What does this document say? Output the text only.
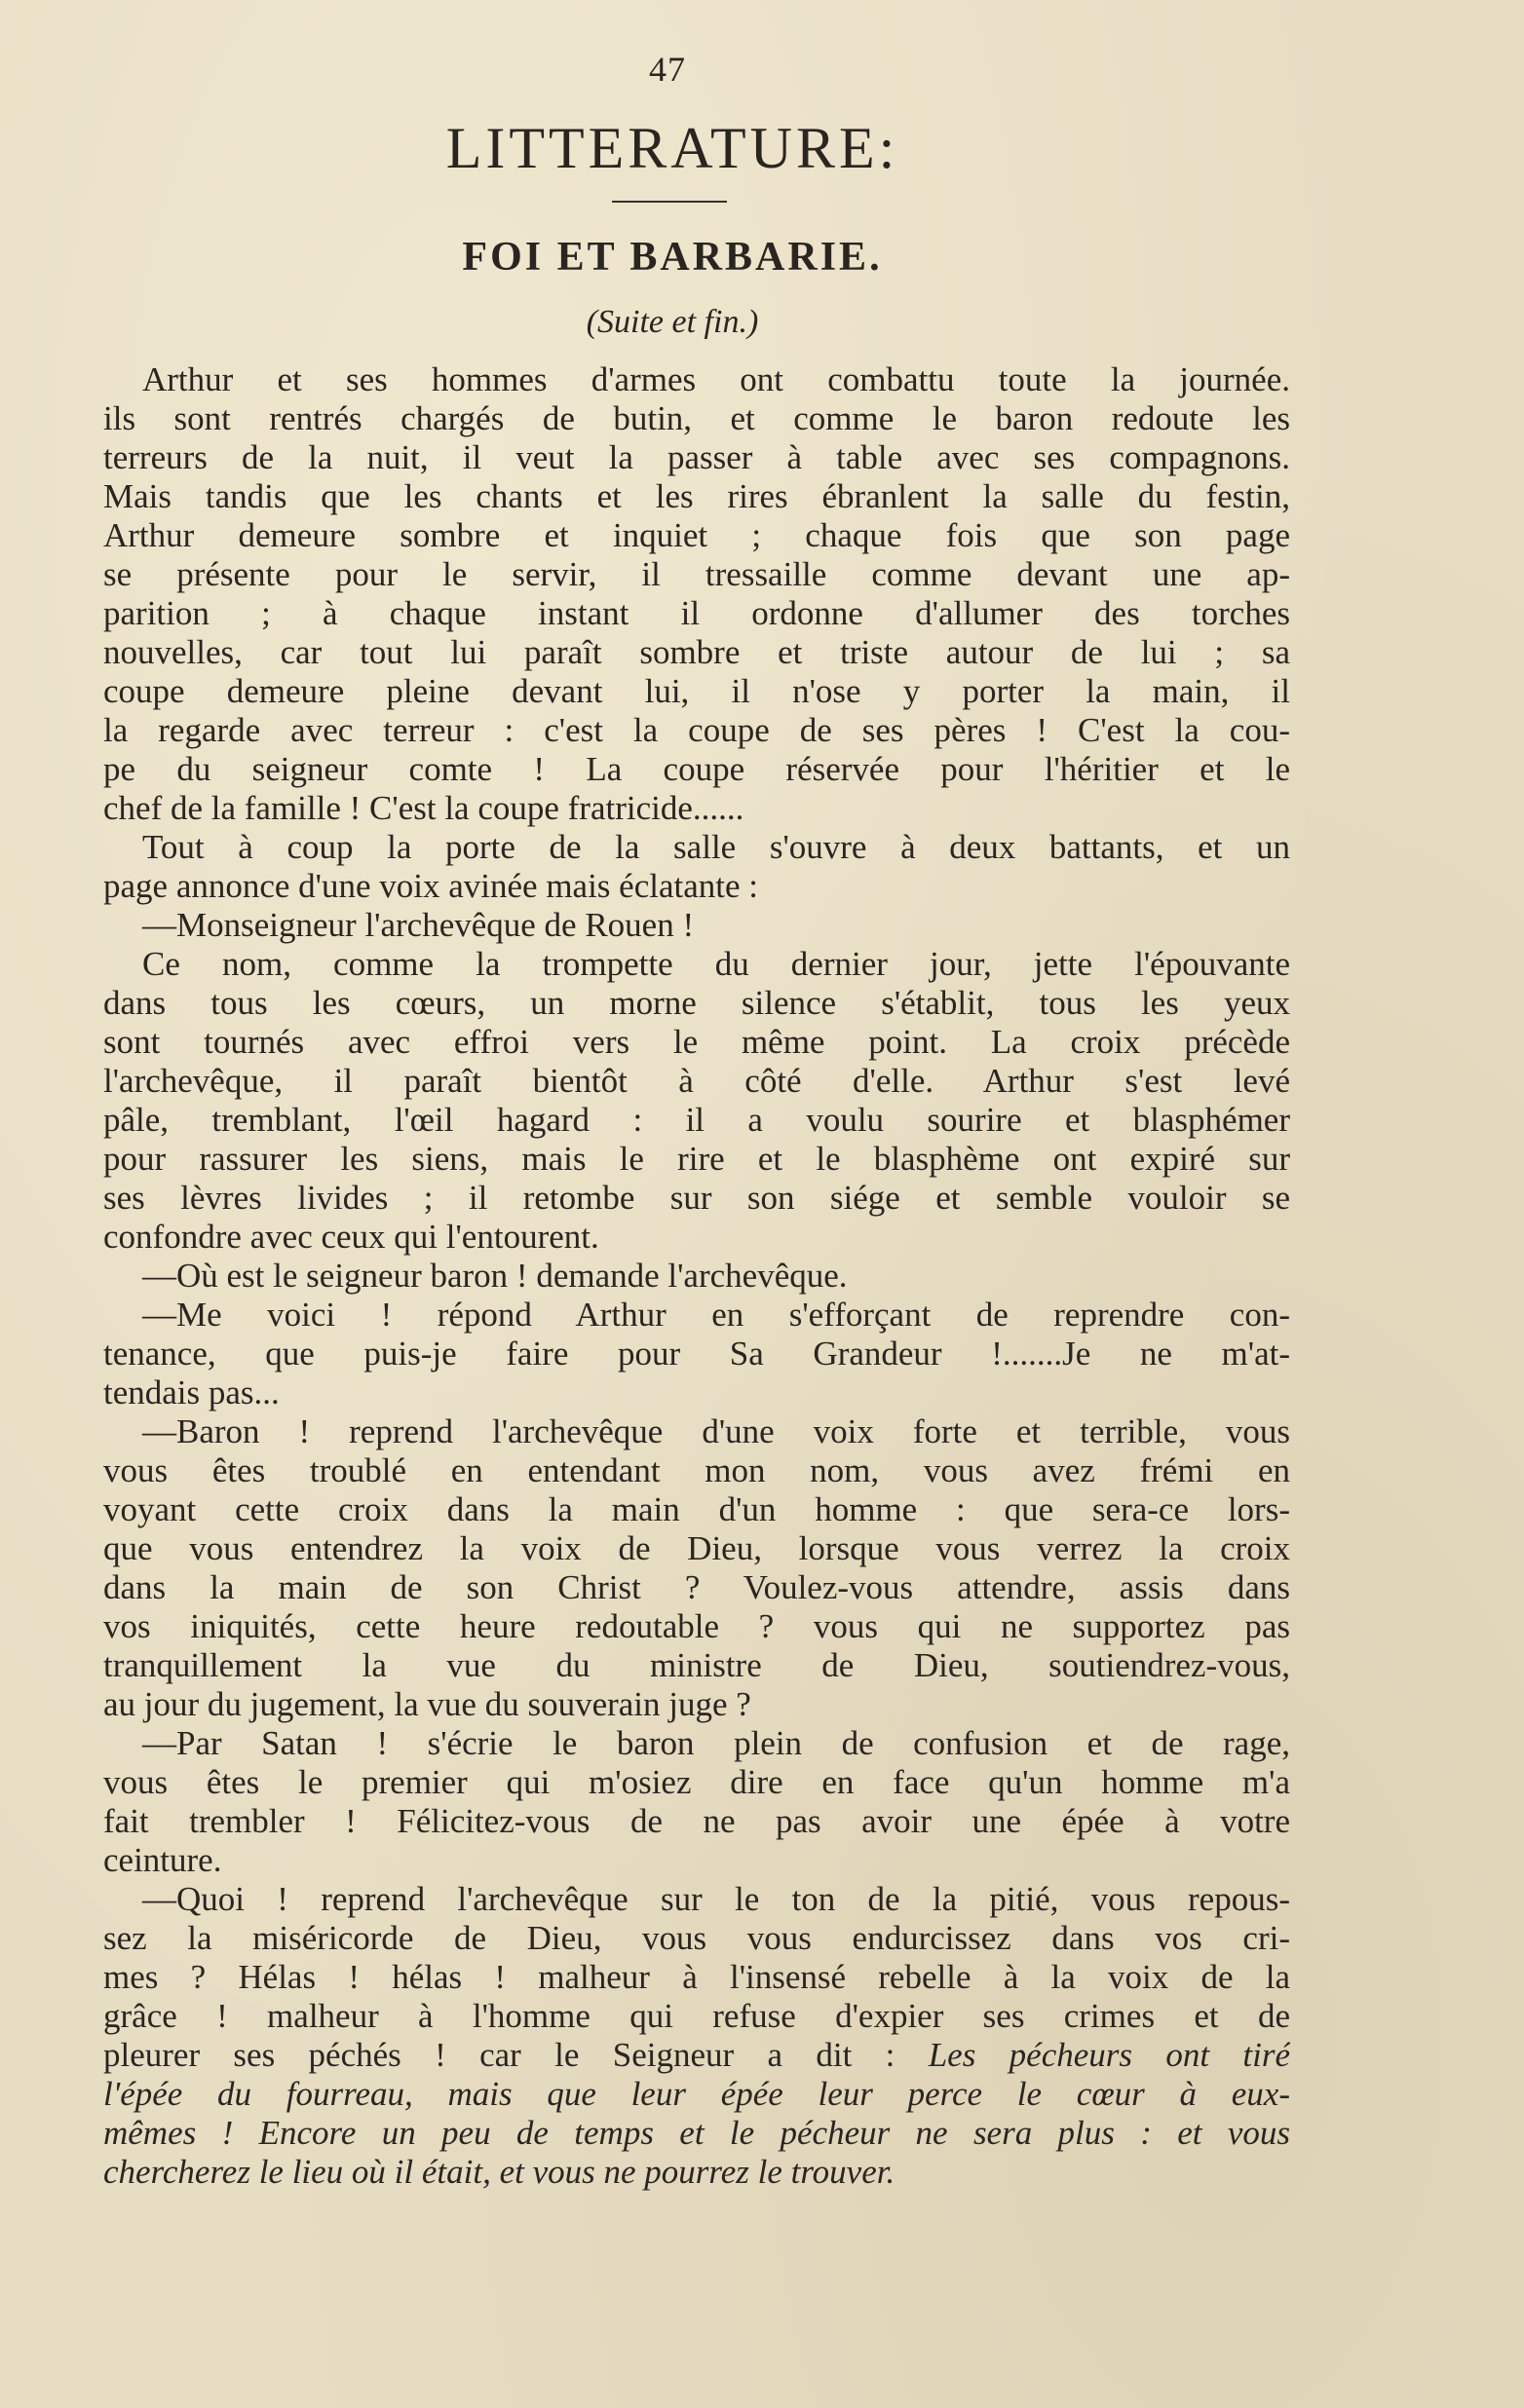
47
LITTERATURE:
FOI ET BARBARIE.
(Suite et fin.)
Arthur et ses hommes d'armes ont combattu toute la journée.
ils sont rentrés chargés de butin, et comme le baron redoute les
terreurs de la nuit, il veut la passer à table avec ses compagnons.
Mais tandis que les chants et les rires ébranlent la salle du festin,
Arthur demeure sombre et inquiet ; chaque fois que son page
se présente pour le servir, il tressaille comme devant une ap-
parition ; à chaque instant il ordonne d'allumer des torches
nouvelles, car tout lui paraît sombre et triste autour de lui ; sa
coupe demeure pleine devant lui, il n'ose y porter la main, il
la regarde avec terreur : c'est la coupe de ses pères ! C'est la cou-
pe du seigneur comte ! La coupe réservée pour l'héritier et le
chef de la famille ! C'est la coupe fratricide......
Tout à coup la porte de la salle s'ouvre à deux battants, et un
page annonce d'une voix avinée mais éclatante :
—Monseigneur l'archevêque de Rouen !
Ce nom, comme la trompette du dernier jour, jette l'épouvante
dans tous les cœurs, un morne silence s'établit, tous les yeux
sont tournés avec effroi vers le même point. La croix précède
l'archevêque, il paraît bientôt à côté d'elle. Arthur s'est levé
pâle, tremblant, l'œil hagard : il a voulu sourire et blasphémer
pour rassurer les siens, mais le rire et le blasphème ont expiré sur
ses lèvres livides ; il retombe sur son siége et semble vouloir se
confondre avec ceux qui l'entourent.
—Où est le seigneur baron ! demande l'archevêque.
—Me voici ! répond Arthur en s'efforçant de reprendre con-
tenance, que puis-je faire pour Sa Grandeur !.......Je ne m'at-
tendais pas...
—Baron ! reprend l'archevêque d'une voix forte et terrible, vous
vous êtes troublé en entendant mon nom, vous avez frémi en
voyant cette croix dans la main d'un homme : que sera-ce lors-
que vous entendrez la voix de Dieu, lorsque vous verrez la croix
dans la main de son Christ ? Voulez-vous attendre, assis dans
vos iniquités, cette heure redoutable ? vous qui ne supportez pas
tranquillement la vue du ministre de Dieu, soutiendrez-vous,
au jour du jugement, la vue du souverain juge ?
—Par Satan ! s'écrie le baron plein de confusion et de rage,
vous êtes le premier qui m'osiez dire en face qu'un homme m'a
fait trembler ! Félicitez-vous de ne pas avoir une épée à votre
ceinture.
—Quoi ! reprend l'archevêque sur le ton de la pitié, vous repous-
sez la miséricorde de Dieu, vous vous endurcissez dans vos cri-
mes ? Hélas ! hélas ! malheur à l'insensé rebelle à la voix de la
grâce ! malheur à l'homme qui refuse d'expier ses crimes et de
pleurer ses péchés ! car le Seigneur a dit : Les pécheurs ont tiré
l'épée du fourreau, mais que leur épée leur perce le cœur à eux-
mêmes ! Encore un peu de temps et le pécheur ne sera plus : et vous
chercherez le lieu où il était, et vous ne pourrez le trouver.
